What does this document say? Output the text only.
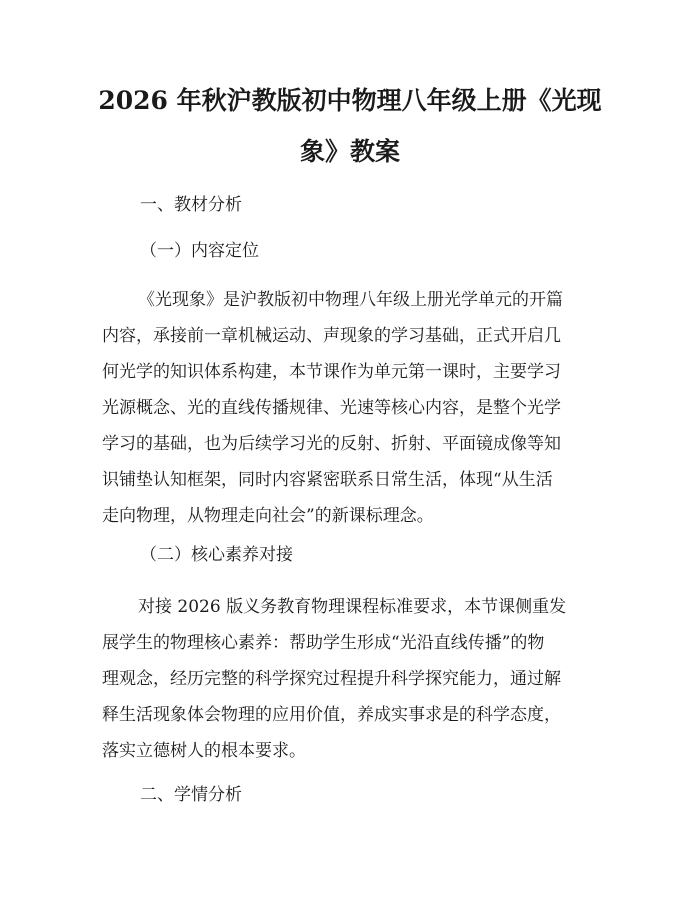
2026 年秋沪教版初中物理八年级上册《光现
象》教案

一、教材分析

（一）内容定位

《光现象》是沪教版初中物理八年级上册光学单元的开篇
内容，承接前一章机械运动、声现象的学习基础，正式开启几
何光学的知识体系构建，本节课作为单元第一课时，主要学习
光源概念、光的直线传播规律、光速等核心内容，是整个光学
学习的基础，也为后续学习光的反射、折射、平面镜成像等知
识铺垫认知框架，同时内容紧密联系日常生活，体现“从生活
走向物理，从物理走向社会”的新课标理念。

（二）核心素养对接

对接 2026 版义务教育物理课程标准要求，本节课侧重发
展学生的物理核心素养：帮助学生形成“光沿直线传播”的物
理观念，经历完整的科学探究过程提升科学探究能力，通过解
释生活现象体会物理的应用价值，养成实事求是的科学态度，
落实立德树人的根本要求。

二、学情分析
